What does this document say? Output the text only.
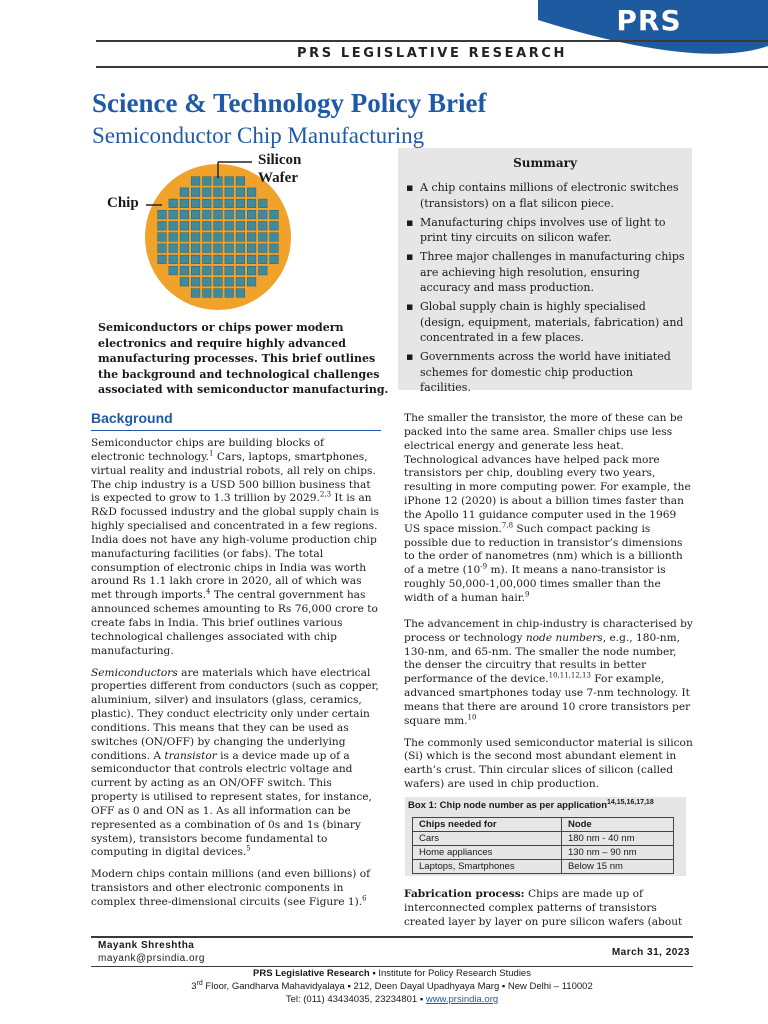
PRS
PRS LEGISLATIVE RESEARCH
Science & Technology Policy Brief
Semiconductor Chip Manufacturing
Silicon
Wafer
Chip
Summary
▪ A chip contains millions of electronic switches (transistors) on a flat silicon piece.
▪ Manufacturing chips involves use of light to print tiny circuits on silicon wafer.
▪ Three major challenges in manufacturing chips are achieving high resolution, ensuring accuracy and mass production.
▪ Global supply chain is highly specialised (design, equipment, materials, fabrication) and concentrated in a few places.
▪ Governments across the world have initiated schemes for domestic chip production facilities.
Semiconductors or chips power modern electronics and require highly advanced manufacturing processes. This brief outlines the background and technological challenges associated with semiconductor manufacturing.
Background

Semiconductor chips are building blocks of electronic technology.$^1$ Cars, laptops, smartphones, virtual reality and industrial robots, all rely on chips. The chip industry is a USD 500 billion business that is expected to grow to 1.3 trillion by 2029.$^{2,3}$ It is an R&D focussed industry and the global supply chain is highly specialised and concentrated in a few regions. India does not have any high-volume production chip manufacturing facilities (or fabs). The total consumption of electronic chips in India was worth around Rs 1.1 lakh crore in 2020, all of which was met through imports.$^4$ The central government has announced schemes amounting to Rs 76,000 crore to create fabs in India. This brief outlines various technological challenges associated with chip manufacturing.

Semiconductors are materials which have electrical properties different from conductors (such as copper, aluminium, silver) and insulators (glass, ceramics, plastic). They conduct electricity only under certain conditions. This means that they can be used as switches (ON/OFF) by changing the underlying conditions. A transistor is a device made up of a semiconductor that controls electric voltage and current by acting as an ON/OFF switch. This property is utilised to represent states, for instance, OFF as 0 and ON as 1. As all information can be represented as a combination of 0s and 1s (binary system), transistors become fundamental to computing in digital devices.$^5$

Modern chips contain millions (and even billions) of transistors and other electronic components in complex three-dimensional circuits (see Figure 1).$^6$

The smaller the transistor, the more of these can be packed into the same area. Smaller chips use less electrical energy and generate less heat. Technological advances have helped pack more transistors per chip, doubling every two years, resulting in more computing power. For example, the iPhone 12 (2020) is about a billion times faster than the Apollo 11 guidance computer used in the 1969 US space mission.$^{7,8}$ Such compact packing is possible due to reduction in transistor’s dimensions to the order of nanometres (nm) which is a billionth of a metre ($10^{-9}$ m). It means a nano-transistor is roughly 50,000-1,00,000 times smaller than the width of a human hair.$^9$

The advancement in chip-industry is characterised by process or technology node numbers, e.g., 180-nm, 130-nm, and 65-nm. The smaller the node number, the denser the circuitry that results in better performance of the device.$^{10,11,12,13}$ For example, advanced smartphones today use 7-nm technology. It means that there are around 10 crore transistors per square mm.$^{10}$

The commonly used semiconductor material is silicon (Si) which is the second most abundant element in earth’s crust. Thin circular slices of silicon (called wafers) are used in chip production.

Box 1: Chip node number as per application$^{14,15,16,17,18}$
Chips needed for	Node
Cars	180 nm - 40 nm
Home appliances	130 nm – 90 nm
Laptops, Smartphones	Below 15 nm

Fabrication process: Chips are made up of interconnected complex patterns of transistors created layer by layer on pure silicon wafers (about

Mayank Shreshtha
mayank@prsindia.org
March 31, 2023
PRS Legislative Research ▪ Institute for Policy Research Studies
3rd Floor, Gandharva Mahavidyalaya ▪ 212, Deen Dayal Upadhyaya Marg ▪ New Delhi – 110002
Tel: (011) 43434035, 23234801 ▪ www.prsindia.org
